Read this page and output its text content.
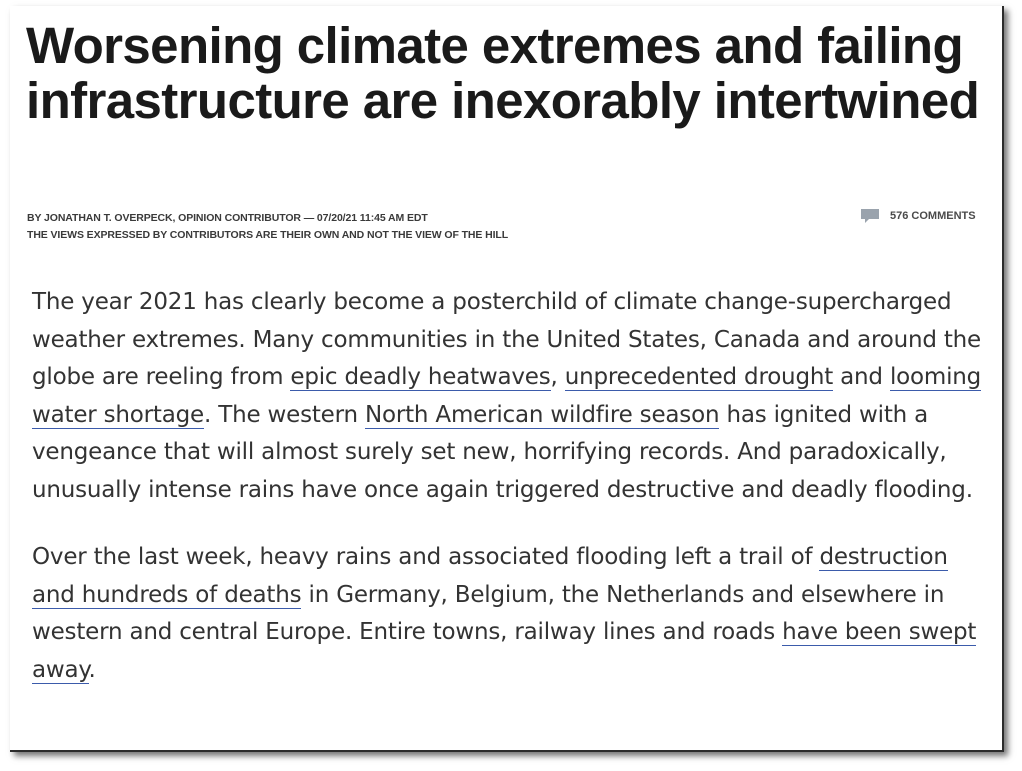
Worsening climate extremes and failing infrastructure are inexorably intertwined
BY JONATHAN T. OVERPECK, OPINION CONTRIBUTOR — 07/20/21 11:45 AM EDT
THE VIEWS EXPRESSED BY CONTRIBUTORS ARE THEIR OWN AND NOT THE VIEW OF THE HILL
576 COMMENTS

The year 2021 has clearly become a posterchild of climate change-supercharged weather extremes. Many communities in the United States, Canada and around the globe are reeling from epic deadly heatwaves, unprecedented drought and looming water shortage. The western North American wildfire season has ignited with a vengeance that will almost surely set new, horrifying records. And paradoxically, unusually intense rains have once again triggered destructive and deadly flooding.

Over the last week, heavy rains and associated flooding left a trail of destruction and hundreds of deaths in Germany, Belgium, the Netherlands and elsewhere in western and central Europe. Entire towns, railway lines and roads have been swept away.
